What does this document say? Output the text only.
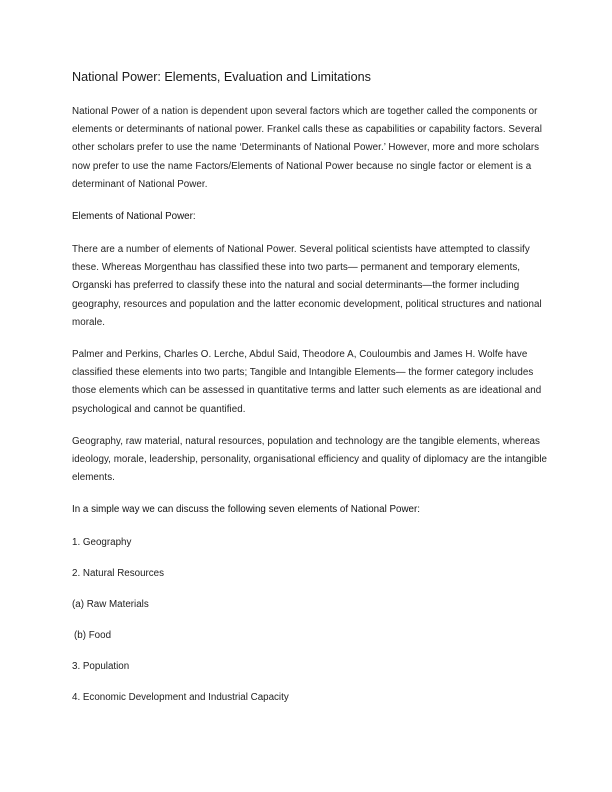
National Power: Elements, Evaluation and Limitations

National Power of a nation is dependent upon several factors which are together called the components or elements or determinants of national power. Frankel calls these as capabilities or capability factors. Several other scholars prefer to use the name ‘Determinants of National Power.’ However, more and more scholars now prefer to use the name Factors/Elements of National Power because no single factor or element is a determinant of National Power.

Elements of National Power:

There are a number of elements of National Power. Several political scientists have attempted to classify these. Whereas Morgenthau has classified these into two parts— permanent and temporary elements, Organski has preferred to classify these into the natural and social determinants—the former including geography, resources and population and the latter economic development, political structures and national morale.

Palmer and Perkins, Charles O. Lerche, Abdul Said, Theodore A, Couloumbis and James H. Wolfe have classified these elements into two parts; Tangible and Intangible Elements— the former category includes those elements which can be assessed in quantitative terms and latter such elements as are ideational and psychological and cannot be quantified.

Geography, raw material, natural resources, population and technology are the tangible elements, whereas ideology, morale, leadership, personality, organisational efficiency and quality of diplomacy are the intangible elements.

In a simple way we can discuss the following seven elements of National Power:

1. Geography

2. Natural Resources

(a) Raw Materials

(b) Food

3. Population

4. Economic Development and Industrial Capacity
